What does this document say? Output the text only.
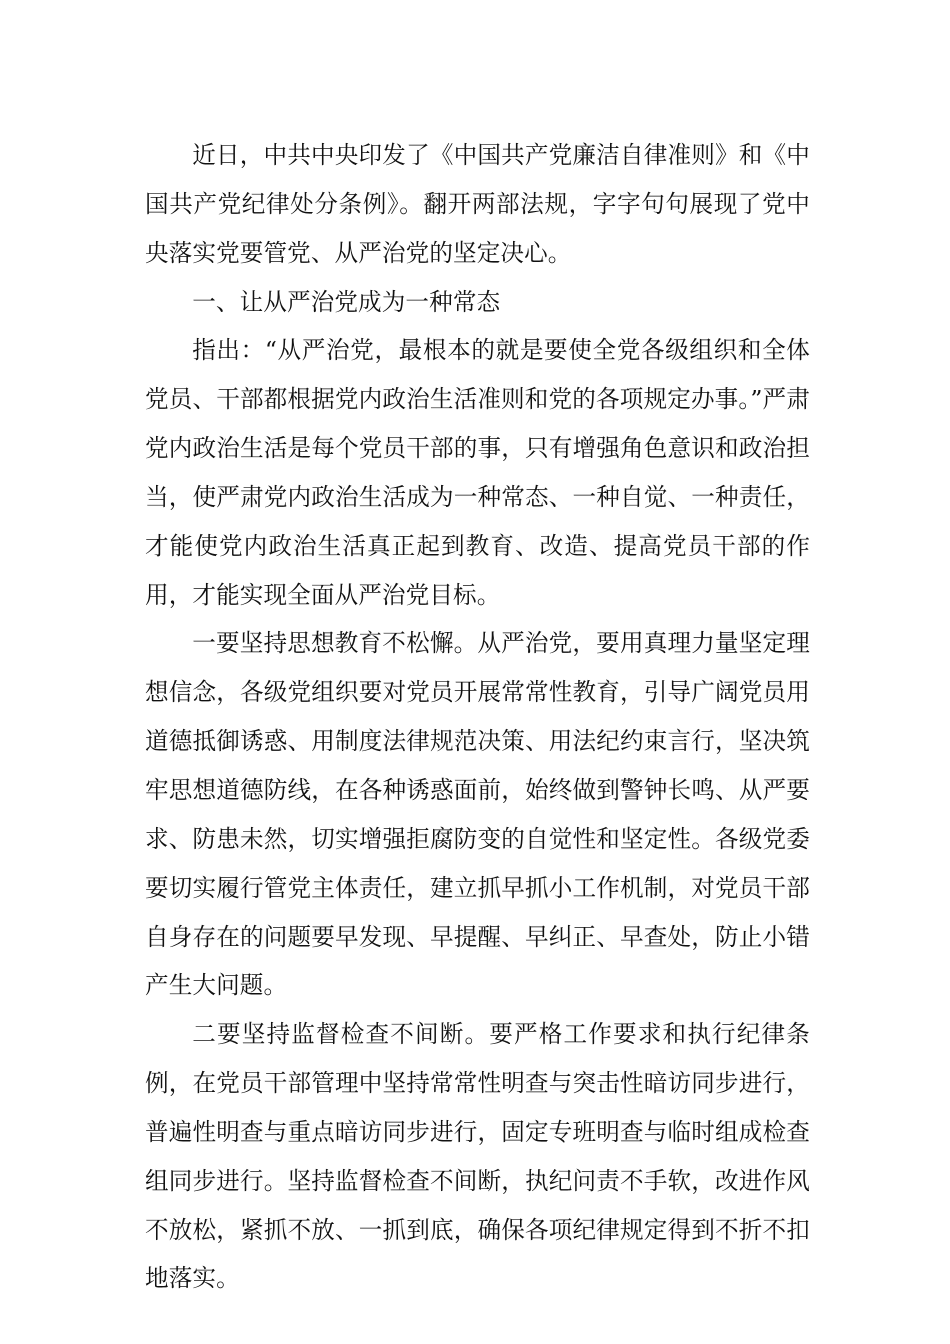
近日，中共中央印发了《中国共产党廉洁自律准则》和《中国共产党纪律处分条例》。翻开两部法规，字字句句展现了党中央落实党要管党、从严治党的坚定决心。

一、让从严治党成为一种常态

指出：“从严治党，最根本的就是要使全党各级组织和全体党员、干部都根据党内政治生活准则和党的各项规定办事。”严肃党内政治生活是每个党员干部的事，只有增强角色意识和政治担当，使严肃党内政治生活成为一种常态、一种自觉、一种责任，才能使党内政治生活真正起到教育、改造、提高党员干部的作用，才能实现全面从严治党目标。

一要坚持思想教育不松懈。从严治党，要用真理力量坚定理想信念，各级党组织要对党员开展常常性教育，引导广阔党员用道德抵御诱惑、用制度法律规范决策、用法纪约束言行，坚决筑牢思想道德防线，在各种诱惑面前，始终做到警钟长鸣、从严要求、防患未然，切实增强拒腐防变的自觉性和坚定性。各级党委要切实履行管党主体责任，建立抓早抓小工作机制，对党员干部自身存在的问题要早发现、早提醒、早纠正、早查处，防止小错产生大问题。

二要坚持监督检查不间断。要严格工作要求和执行纪律条例，在党员干部管理中坚持常常性明查与突击性暗访同步进行，普遍性明查与重点暗访同步进行，固定专班明查与临时组成检查组同步进行。坚持监督检查不间断，执纪问责不手软，改进作风不放松，紧抓不放、一抓到底，确保各项纪律规定得到不折不扣地落实。
